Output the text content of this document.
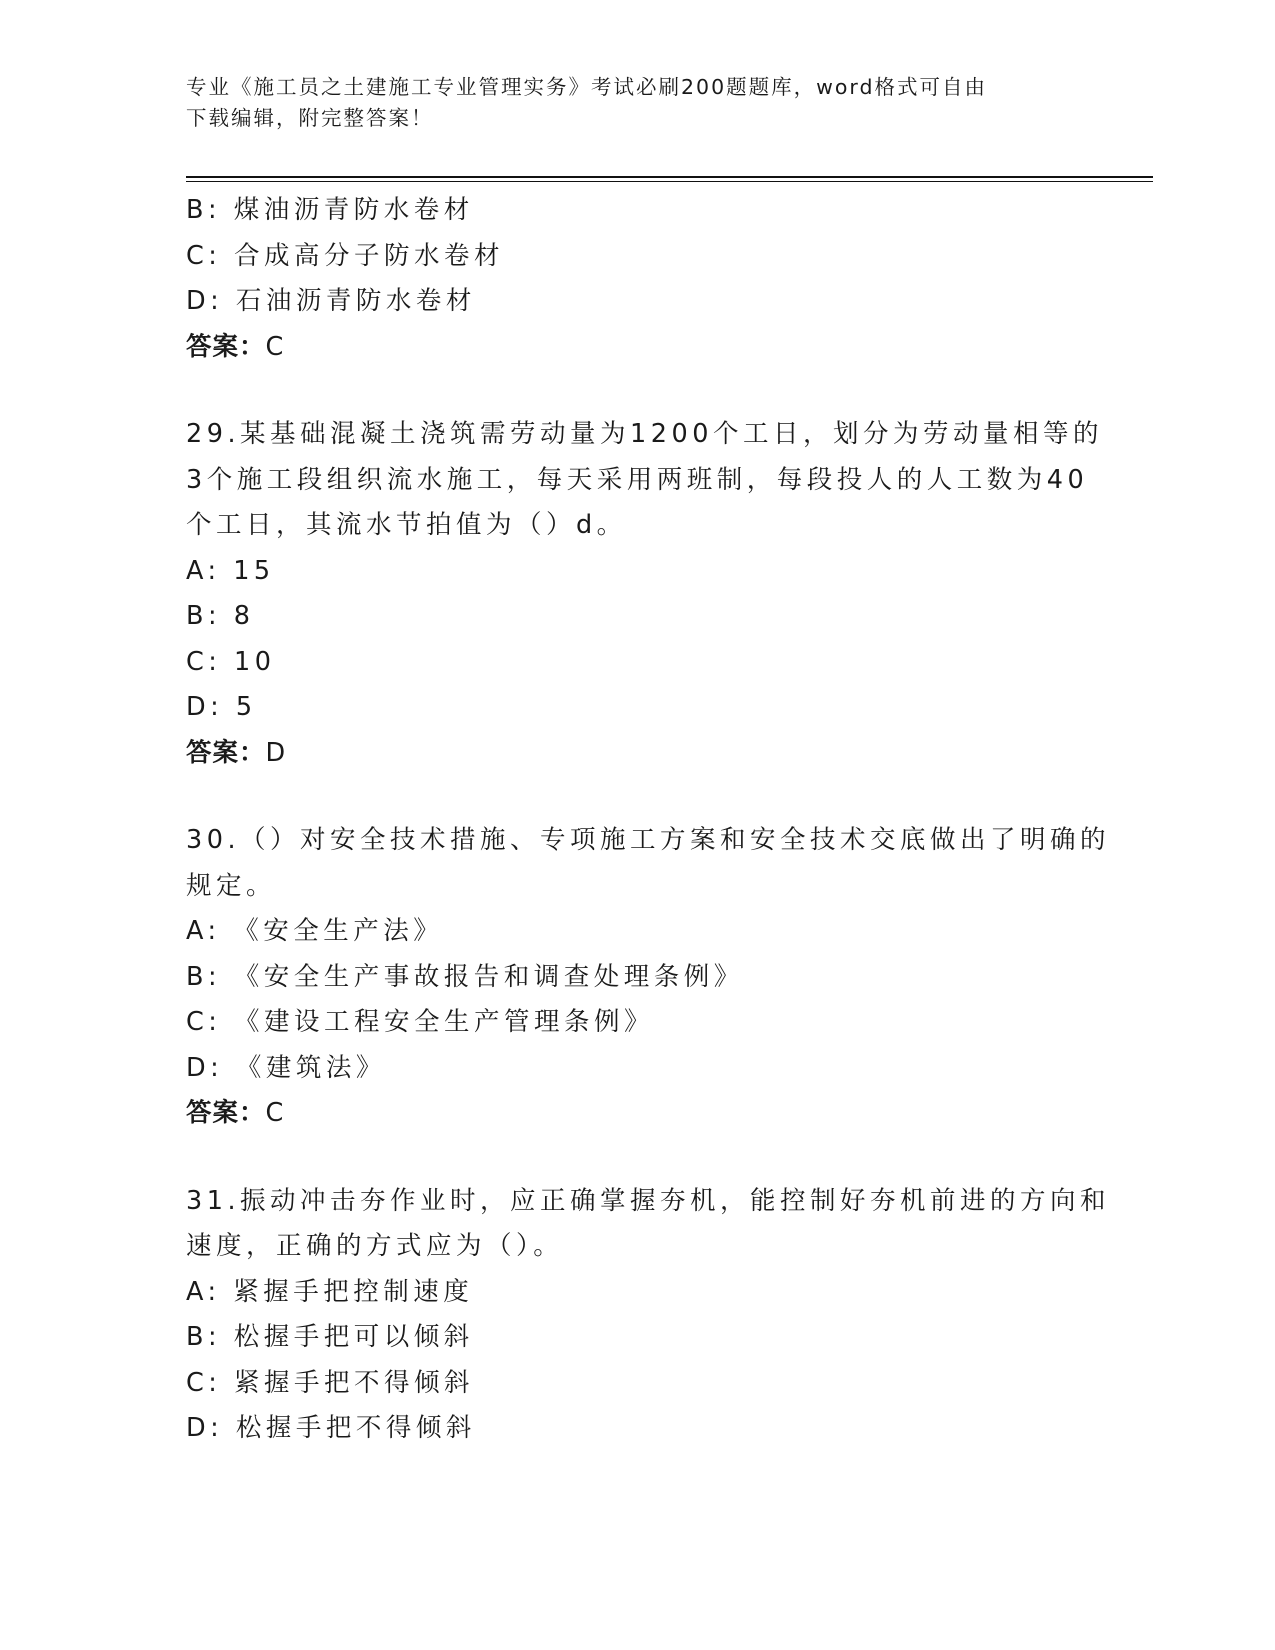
专业《施工员之土建施工专业管理实务》考试必刷200题题库，word格式可自由
下载编辑，附完整答案！
B: 煤油沥青防水卷材
C: 合成高分子防水卷材
D: 石油沥青防水卷材
答案：C
29.某基础混凝土浇筑需劳动量为1200个工日，划分为劳动量相等的
3个施工段组织流水施工，每天采用两班制，每段投人的人工数为40
个工日，其流水节拍值为（）d。
A: 15
B: 8
C: 10
D: 5
答案：D
30.（）对安全技术措施、专项施工方案和安全技术交底做出了明确的
规定。
A: 《安全生产法》
B: 《安全生产事故报告和调查处理条例》
C: 《建设工程安全生产管理条例》
D: 《建筑法》
答案：C
31.振动冲击夯作业时，应正确掌握夯机，能控制好夯机前进的方向和
速度，正确的方式应为（）。
A: 紧握手把控制速度
B: 松握手把可以倾斜
C: 紧握手把不得倾斜
D: 松握手把不得倾斜
